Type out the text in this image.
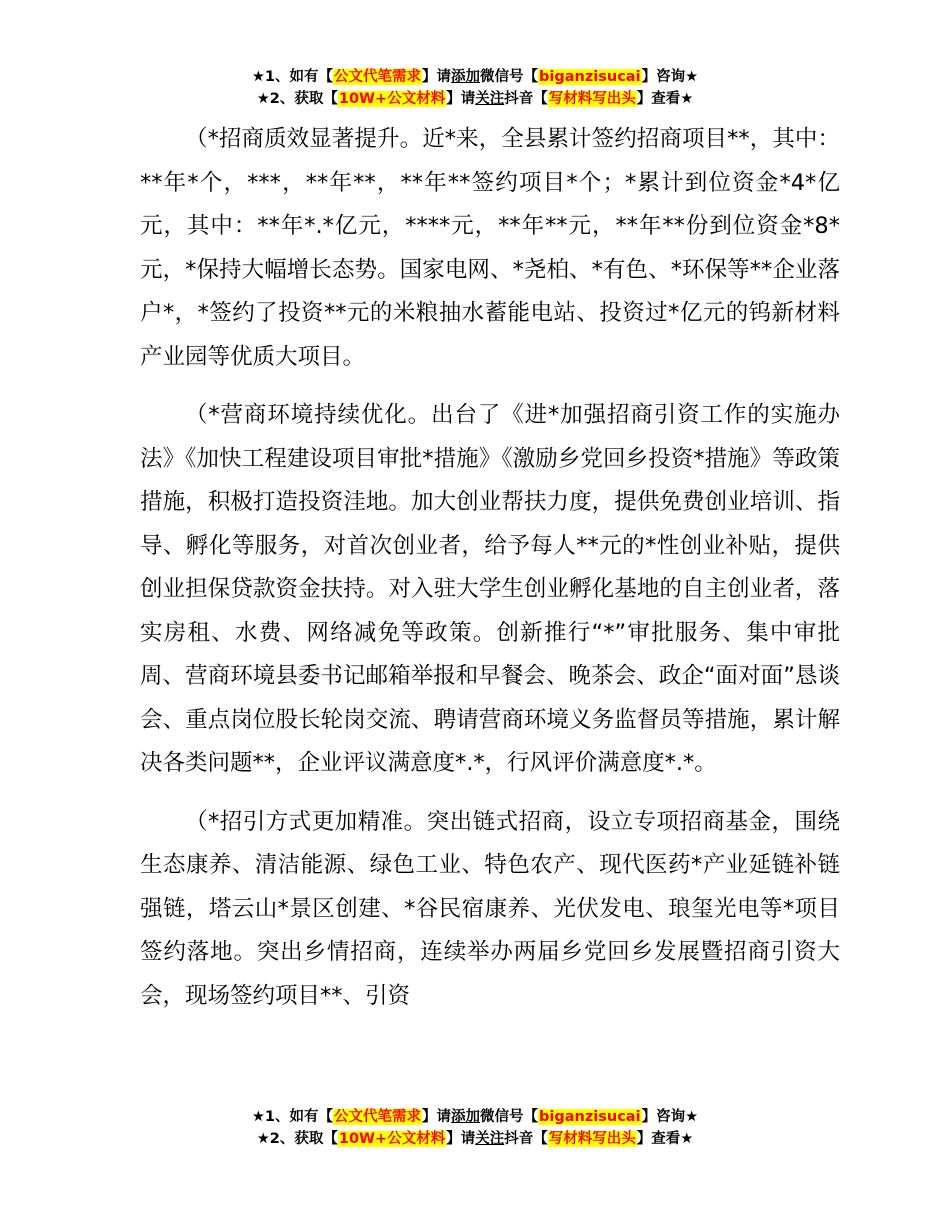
★1、如有【公文代笔需求】请添加微信号【biganzisucai】咨询★
★2、获取【10W+公文材料】请关注抖音【写材料写出头】查看★

（*招商质效显著提升。近*来，全县累计签约招商项目**，其中：**年*个，***，**年**，**年**签约项目*个；*累计到位资金*4*亿元，其中：**年*.*亿元，****元，**年**元，**年**份到位资金*8*元，*保持大幅增长态势。国家电网、*尧柏、*有色、*环保等**企业落户*，*签约了投资**元的米粮抽水蓄能电站、投资过*亿元的钨新材料产业园等优质大项目。

（*营商环境持续优化。出台了《进*加强招商引资工作的实施办法》《加快工程建设项目审批*措施》《激励乡党回乡投资*措施》等政策措施，积极打造投资洼地。加大创业帮扶力度，提供免费创业培训、指导、孵化等服务，对首次创业者，给予每人**元的*性创业补贴，提供创业担保贷款资金扶持。对入驻大学生创业孵化基地的自主创业者，落实房租、水费、网络减免等政策。创新推行“*”审批服务、集中审批周、营商环境县委书记邮箱举报和早餐会、晚茶会、政企“面对面”恳谈会、重点岗位股长轮岗交流、聘请营商环境义务监督员等措施，累计解决各类问题**，企业评议满意度*.*，行风评价满意度*.*。

（*招引方式更加精准。突出链式招商，设立专项招商基金，围绕生态康养、清洁能源、绿色工业、特色农产、现代医药*产业延链补链强链，塔云山*景区创建、*谷民宿康养、光伏发电、琅玺光电等*项目签约落地。突出乡情招商，连续举办两届乡党回乡发展暨招商引资大会，现场签约项目**、引资

★1、如有【公文代笔需求】请添加微信号【biganzisucai】咨询★
★2、获取【10W+公文材料】请关注抖音【写材料写出头】查看★
